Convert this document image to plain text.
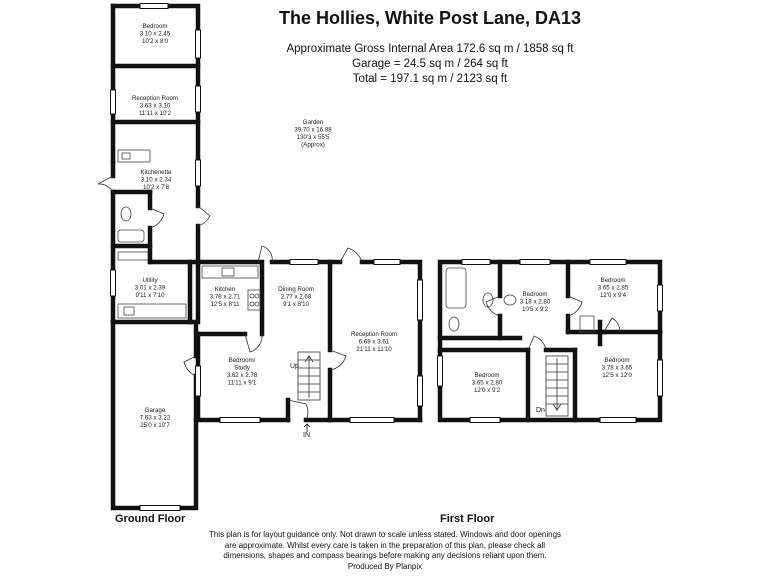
The Hollies, White Post Lane, DA13
Approximate Gross Internal Area 172.6 sq m / 1858 sq ft
Garage = 24.5 sq m / 264 sq ft
Total = 197.1 sq m / 2123 sq ft
Bedroom
3.10 x 2.45
10'2 x 8'0
Reception Room
3.63 x 3.10
11'11 x 10'2
Garden
39.70 x 16.88
130'3 x 55'5
(Approx)
Kitchenette
3.10 x 2.34
10'2 x 7'8
Utility
3.01 x 2.39
9'11 x 7'10
Kitchen
3.78 x 2.71
12'5 x 8'11
Dining Room
2.77 x 2.68
9'1 x 8'10
Reception Room
6.68 x 3.61
21'11 x 11'10
Bedroom/
Study
3.62 x 2.78
11'11 x 9'1
Garage
7.63 x 3.22
25'0 x 10'7
Bedroom
3.18 x 2.80
10'5 x 9'2
Bedroom
3.65 x 2.85
12'0 x 9'4
Bedroom
3.65 x 2.80
12'0 x 9'2
Bedroom
3.78 x 3.65
12'5 x 12'0
Up
IN
Dn
Ground Floor	First Floor
This plan is for layout guidance only. Not drawn to scale unless stated. Windows and door openings
are approximate. Whilst every care is taken in the preparation of this plan, please check all
dimensions, shapes and compass bearings before making any decisions reliant upon them.
Produced By Planpix
